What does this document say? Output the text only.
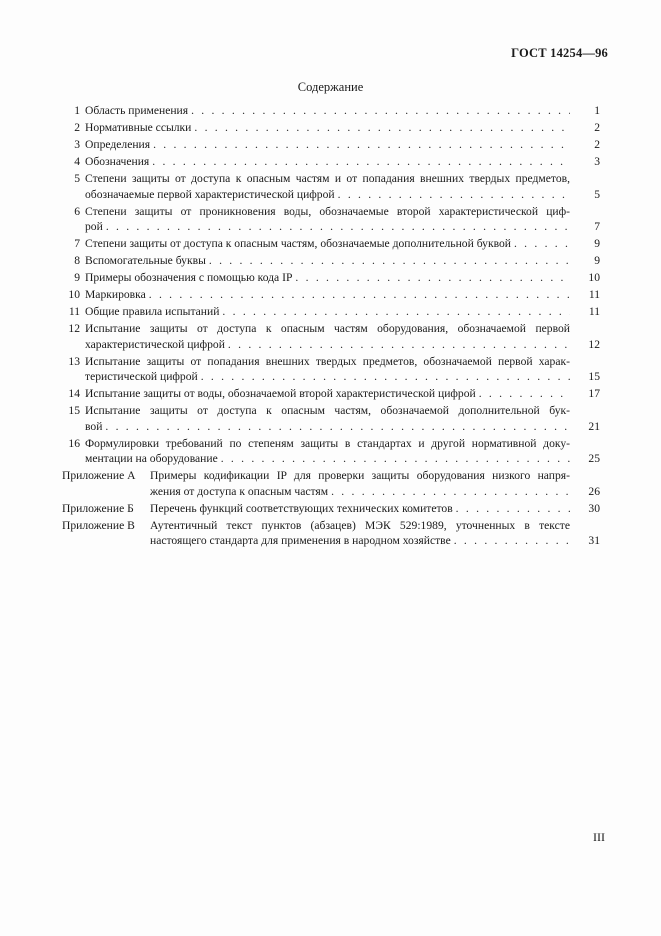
ГОСТ 14254—96
Содержание
1 Область применения . . .	1
2 Нормативные ссылки . . .	2
3 Определения . . .	2
4 Обозначения . . .	3
5 Степени защиты от доступа к опасным частям и от попадания внешних твердых предметов,
обозначаемые первой характеристической цифрой . . .	5
6 Степени защиты от проникновения воды, обозначаемые второй характеристической циф-
рой . . .	7
7 Степени защиты от доступа к опасным частям, обозначаемые дополнительной буквой . . .	9
8 Вспомогательные буквы . . .	9
9 Примеры обозначения с помощью кода IP . . .	10
10 Маркировка . . .	11
11 Общие правила испытаний . . .	11
12 Испытание защиты от доступа к опасным частям оборудования, обозначаемой первой
характеристической цифрой . . .	12
13 Испытание защиты от попадания внешних твердых предметов, обозначаемой первой харак-
теристической цифрой . . .	15
14 Испытание защиты от воды, обозначаемой второй характеристической цифрой . . .	17
15 Испытание защиты от доступа к опасным частям, обозначаемой дополнительной бук-
вой . . .	21
16 Формулировки требований по степеням защиты в стандартах и другой нормативной доку-
ментации на оборудование . . .	25
Приложение А	Примеры кодификации IP для проверки защиты оборудования низкого напря-
жения от доступа к опасным частям . . .	26
Приложение Б	Перечень функций соответствующих технических комитетов . . .	30
Приложение В	Аутентичный текст пунктов (абзацев) МЭК 529:1989, уточненных в тексте
настоящего стандарта для применения в народном хозяйстве . . .	31
III
